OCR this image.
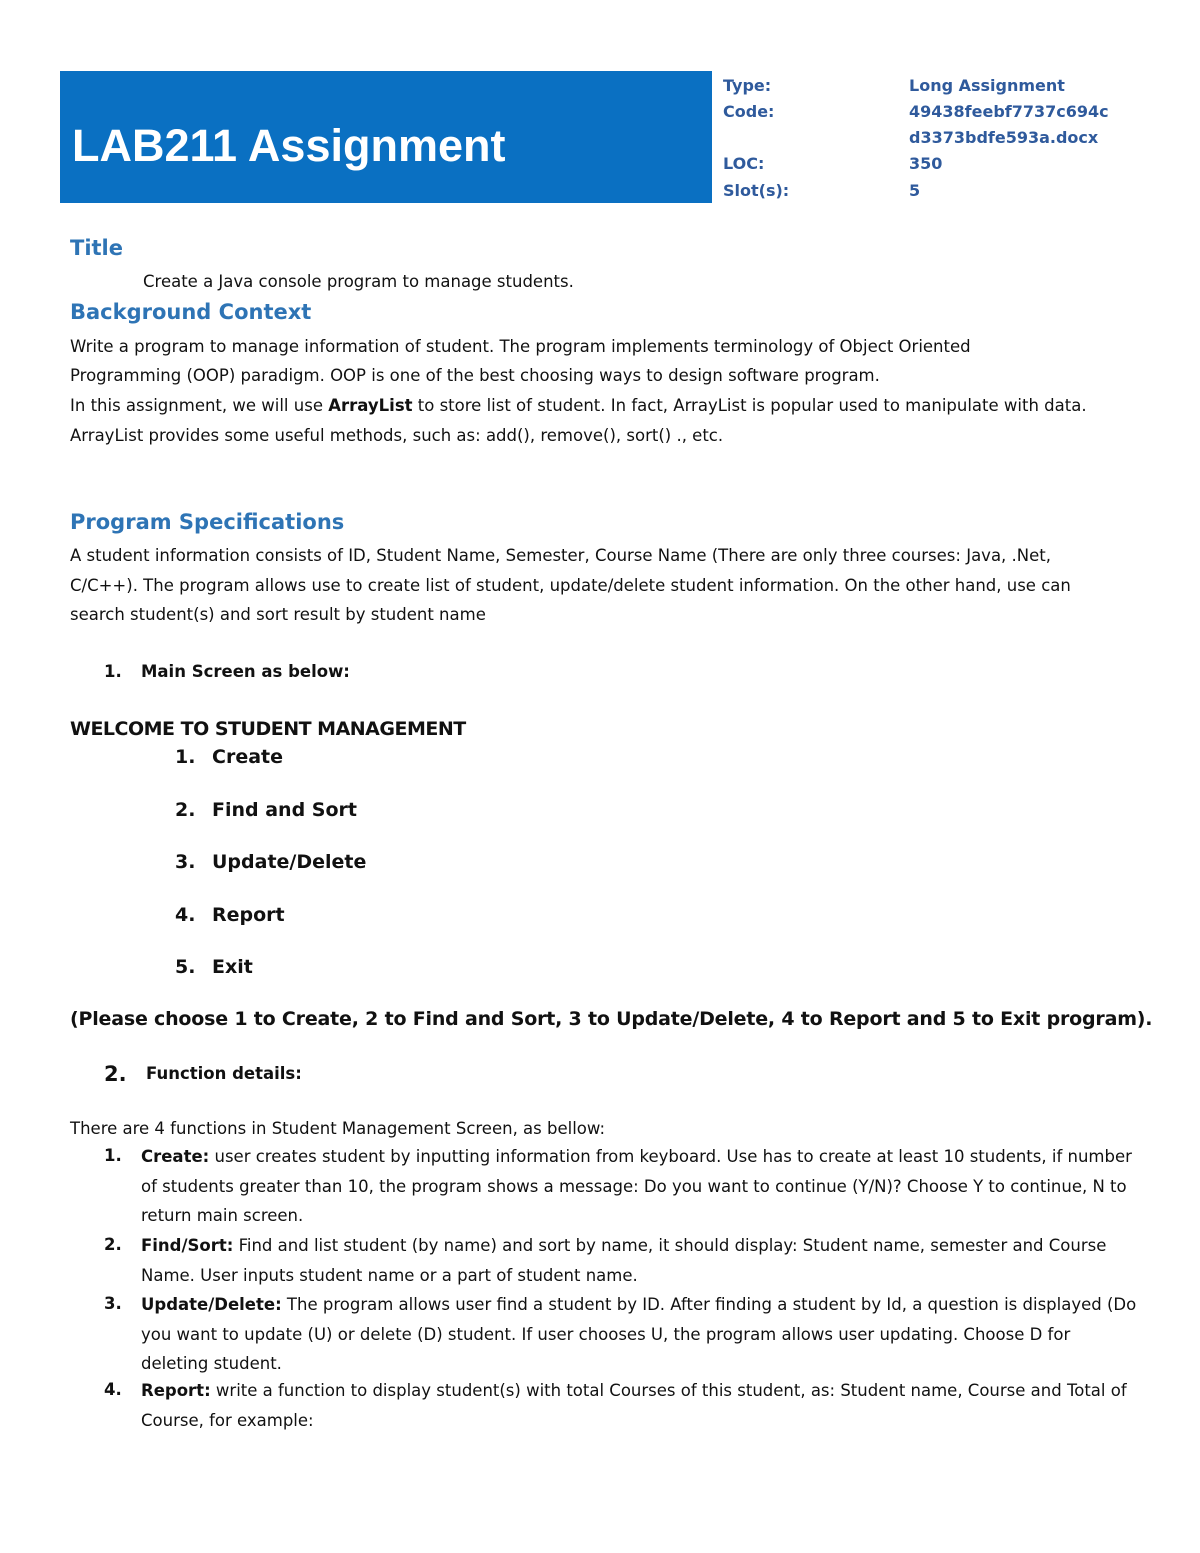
LAB211 Assignment
Type:	Long Assignment
Code:	49438feebf7737c694c
d3373bdfe593a.docx
LOC:	350
Slot(s):	5
Title
Create a Java console program to manage students.
Background Context
Write a program to manage information of student. The program implements terminology of Object Oriented
Programming (OOP) paradigm. OOP is one of the best choosing ways to design software program.
In this assignment, we will use ArrayList to store list of student. In fact, ArrayList is popular used to manipulate with data.
ArrayList provides some useful methods, such as: add(), remove(), sort() ., etc.
Program Specifications
A student information consists of ID, Student Name, Semester, Course Name (There are only three courses: Java, .Net,
C/C++). The program allows use to create list of student, update/delete student information. On the other hand, use can
search student(s) and sort result by student name
1. Main Screen as below:
WELCOME TO STUDENT MANAGEMENT
1. Create
2. Find and Sort
3. Update/Delete
4. Report
5. Exit
(Please choose 1 to Create, 2 to Find and Sort, 3 to Update/Delete, 4 to Report and 5 to Exit program).
2. Function details:
There are 4 functions in Student Management Screen, as bellow:
1. Create: user creates student by inputting information from keyboard. Use has to create at least 10 students, if number of students greater than 10, the program shows a message: Do you want to continue (Y/N)? Choose Y to continue, N to return main screen.
2. Find/Sort: Find and list student (by name) and sort by name, it should display: Student name, semester and Course Name. User inputs student name or a part of student name.
3. Update/Delete: The program allows user find a student by ID. After finding a student by Id, a question is displayed (Do you want to update (U) or delete (D) student. If user chooses U, the program allows user updating. Choose D for deleting student.
4. Report: write a function to display student(s) with total Courses of this student, as: Student name, Course and Total of Course, for example:
